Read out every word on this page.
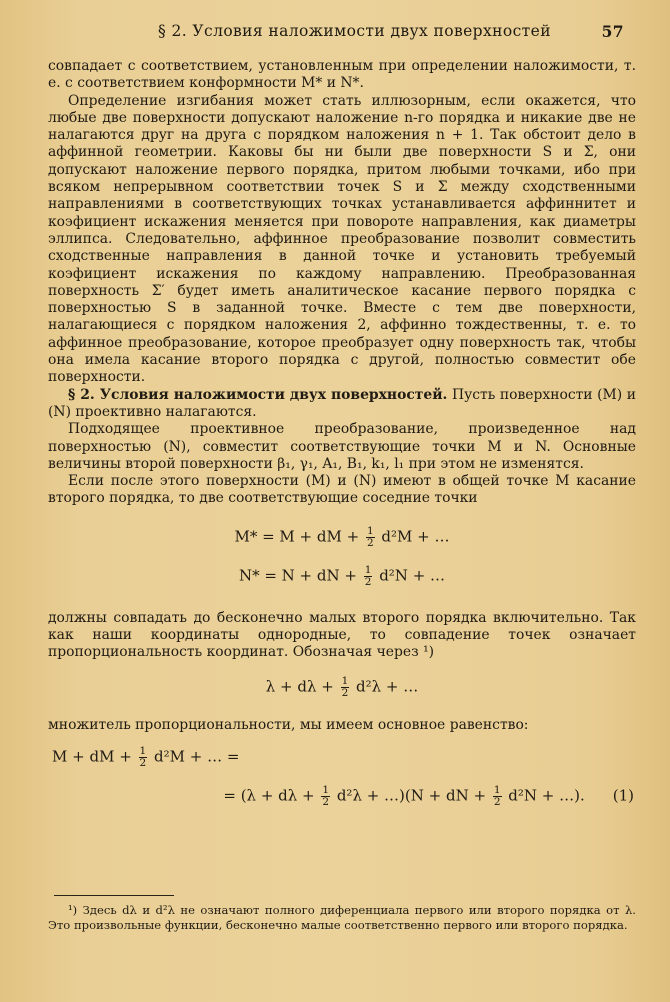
§ 2. Условия наложимости двух поверхностей	57

совпадает с соответствием, установленным при определении наложимости, т. е. с соответствием конформности M* и N*.

Определение изгибания может стать иллюзорным, если окажется, что любые две поверхности допускают наложение n-го порядка и никакие две не налагаются друг на друга с порядком наложения n + 1. Так обстоит дело в аффинной геометрии. Каковы бы ни были две поверхности S и Σ, они допускают наложение первого порядка, притом любыми точками, ибо при всяком непрерывном соответствии точек S и Σ между сходственными направлениями в соответствующих точках устанавливается аффиннитет и коэфициент искажения меняется при повороте направления, как диаметры эллипса. Следовательно, аффинное преобразование позволит совместить сходственные направления в данной точке и установить требуемый коэфициент искажения по каждому направлению. Преобразованная поверхность Σ′ будет иметь аналитическое касание первого порядка с поверхностью S в заданной точке. Вместе с тем две поверхности, налагающиеся с порядком наложения 2, аффинно тождественны, т. е. то аффинное преобразование, которое преобразует одну поверхность так, чтобы она имела касание второго порядка с другой, полностью совместит обе поверхности.

§ 2. Условия наложимости двух поверхностей. Пусть поверхности (M) и (N) проективно налагаются.

Подходящее проективное преобразование, произведенное над поверхностью (N), совместит соответствующие точки M и N. Основные величины второй поверхности β₁, γ₁, A₁, B₁, k₁, l₁ при этом не изменятся.

Если после этого поверхности (M) и (N) имеют в общей точке M касание второго порядка, то две соответствующие соседние точки

M* = M + dM + $\frac{1}{2} d^2M$ + …

N* = N + dN + $\frac{1}{2} d^2N$ + …

должны совпадать до бесконечно малых второго порядка включительно. Так как наши координаты однородные, то совпадение точек означает пропорциональность координат. Обозначая через ¹)

$\lambda + d\lambda + \frac{1}{2} d^2\lambda$ + …

множитель пропорциональности, мы имеем основное равенство:

M + dM + $\frac{1}{2} d^2M$ + … =

= ($\lambda + d\lambda + \frac{1}{2} d^2\lambda$ + …)(N + dN + $\frac{1}{2} d^2N$ + …). (1)

¹) Здесь dλ и d²λ не означают полного диференциала первого или второго порядка от λ. Это произвольные функции, бесконечно малые соответственно первого или второго порядка.
